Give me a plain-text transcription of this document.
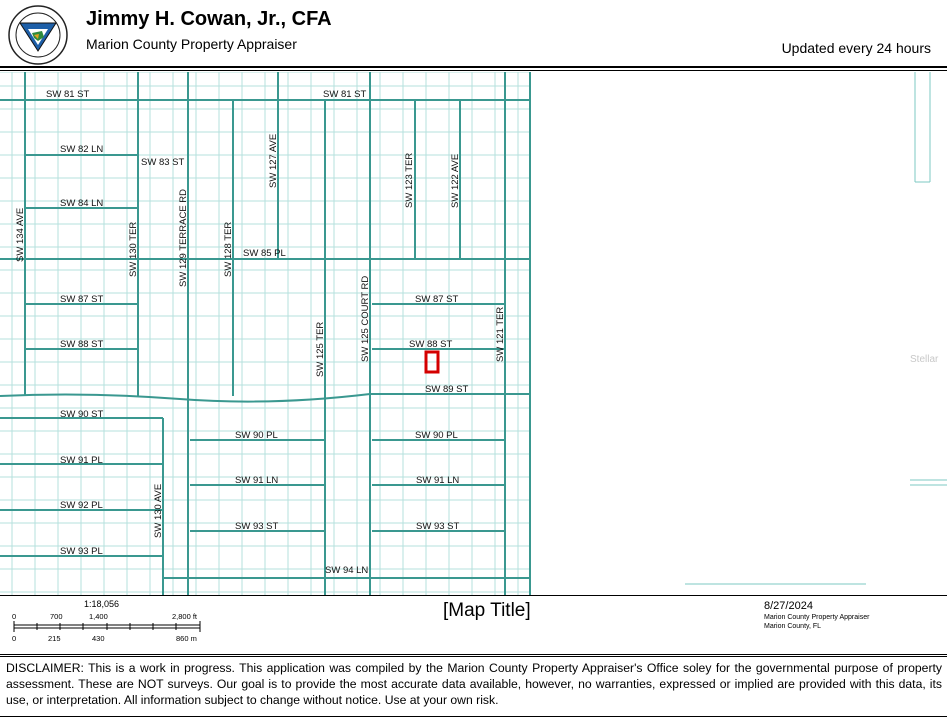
Jimmy H. Cowan, Jr., CFA
Marion County Property Appraiser	Updated every 24 hours
SW 81 ST	SW 81 ST
SW 82 LN
SW 83 ST
SW 84 LN
SW 85 PL
SW 87 ST	SW 87 ST
SW 88 ST	SW 88 ST
SW 89 ST
SW 90 ST
SW 90 PL	SW 90 PL
SW 91 PL
SW 91 LN	SW 91 LN
SW 92 PL
SW 93 ST	SW 93 ST
SW 93 PL
SW 94 LN
SW 134 AVE	SW 130 TER	SW 129 TERRACE RD	SW 128 TER
SW 127 AVE
SW 125 TER	SW 125 COURT RD
SW 123 TER	SW 122 AVE
SW 121 TER
SW 130 AVE
Stellar
1:18,056
0	700	1,400	2,800 ft
0	215	430	860 m
[Map Title]	8/27/2024
Marion County Property Appraiser
Marion County, FL
DISCLAIMER: This is a work in progress. This application was compiled by the Marion County Property Appraiser's Office soley for the governmental purpose of property assessment. These are NOT surveys. Our goal is to provide the most accurate data available, however, no warranties, expressed or implied are provided with this data, its use, or interpretation. All information subject to change without notice. Use at your own risk.
